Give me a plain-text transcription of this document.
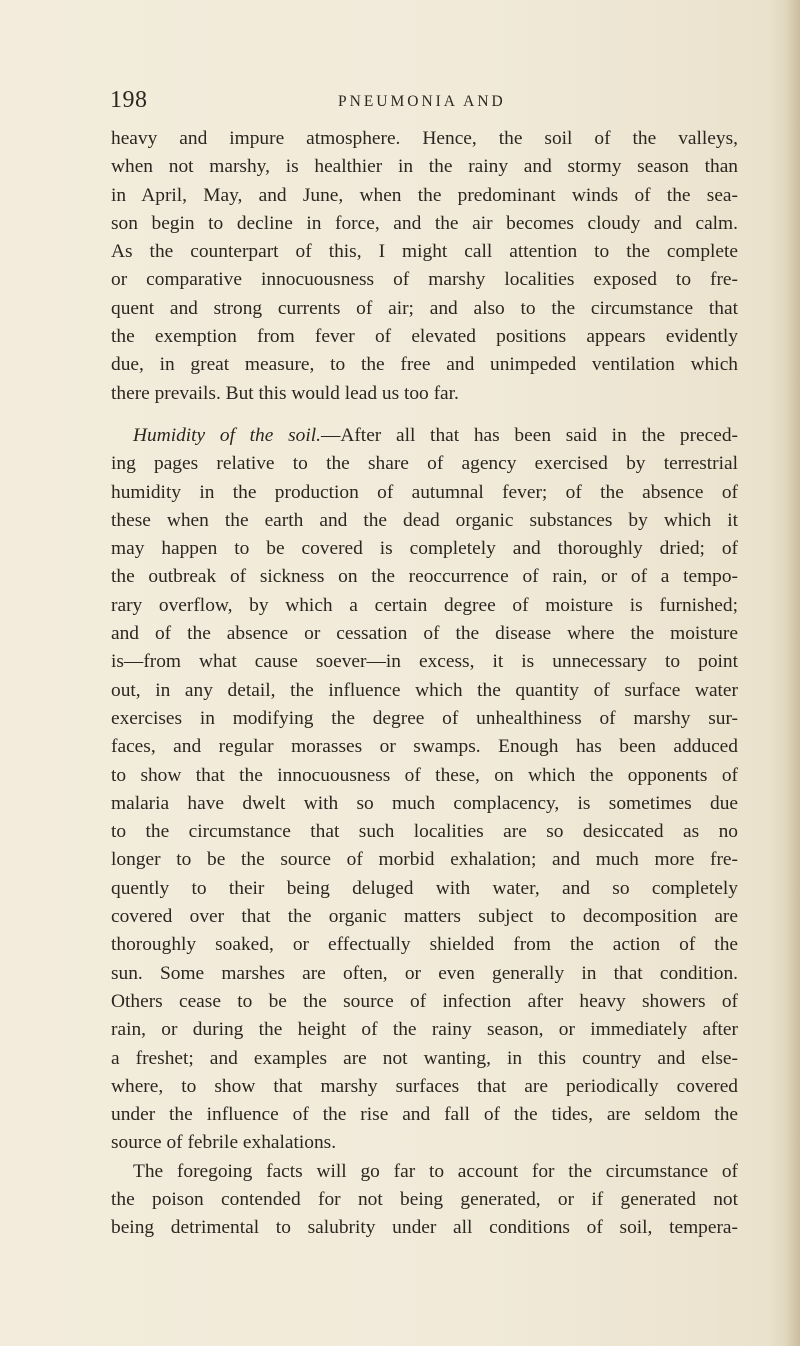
198	PNEUMONIA AND

heavy and impure atmosphere. Hence, the soil of the valleys,
when not marshy, is healthier in the rainy and stormy season than
in April, May, and June, when the predominant winds of the sea-
son begin to decline in force, and the air becomes cloudy and calm.
As the counterpart of this, I might call attention to the complete
or comparative innocuousness of marshy localities exposed to fre-
quent and strong currents of air; and also to the circumstance that
the exemption from fever of elevated positions appears evidently
due, in great measure, to the free and unimpeded ventilation which
there prevails. But this would lead us too far.

Humidity of the soil.—After all that has been said in the preced-
ing pages relative to the share of agency exercised by terrestrial
humidity in the production of autumnal fever; of the absence of
these when the earth and the dead organic substances by which it
may happen to be covered is completely and thoroughly dried; of
the outbreak of sickness on the reoccurrence of rain, or of a tempo-
rary overflow, by which a certain degree of moisture is furnished;
and of the absence or cessation of the disease where the moisture
is—from what cause soever—in excess, it is unnecessary to point
out, in any detail, the influence which the quantity of surface water
exercises in modifying the degree of unhealthiness of marshy sur-
faces, and regular morasses or swamps. Enough has been adduced
to show that the innocuousness of these, on which the opponents of
malaria have dwelt with so much complacency, is sometimes due
to the circumstance that such localities are so desiccated as no
longer to be the source of morbid exhalation; and much more fre-
quently to their being deluged with water, and so completely
covered over that the organic matters subject to decomposition are
thoroughly soaked, or effectually shielded from the action of the
sun. Some marshes are often, or even generally in that condition.
Others cease to be the source of infection after heavy showers of
rain, or during the height of the rainy season, or immediately after
a freshet; and examples are not wanting, in this country and else-
where, to show that marshy surfaces that are periodically covered
under the influence of the rise and fall of the tides, are seldom the
source of febrile exhalations.

The foregoing facts will go far to account for the circumstance of
the poison contended for not being generated, or if generated not
being detrimental to salubrity under all conditions of soil, tempera-
